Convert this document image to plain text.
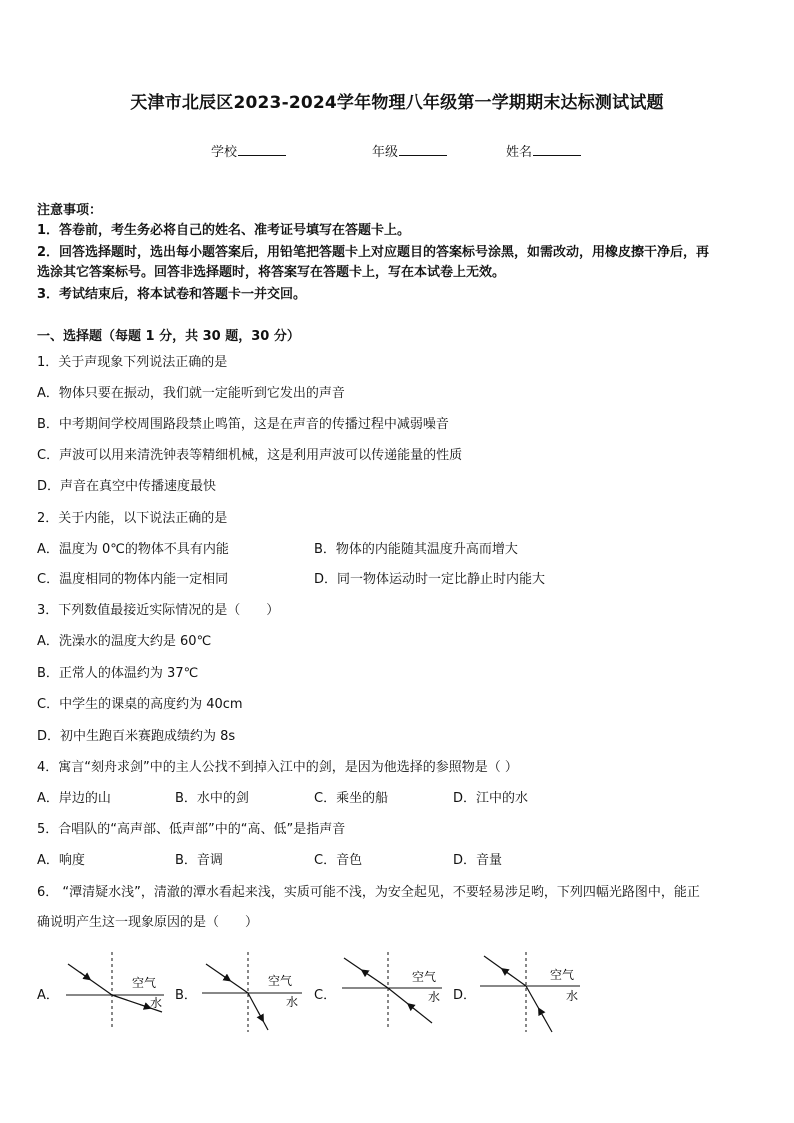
天津市北辰区2023-2024学年物理八年级第一学期期末达标测试试题
学校	年级	姓名
注意事项：
1．答卷前，考生务必将自己的姓名、准考证号填写在答题卡上。
2．回答选择题时，选出每小题答案后，用铅笔把答题卡上对应题目的答案标号涂黑，如需改动，用橡皮擦干净后，再
选涂其它答案标号。回答非选择题时，将答案写在答题卡上，写在本试卷上无效。
3．考试结束后，将本试卷和答题卡一并交回。
一、选择题（每题 1 分，共 30 题，30 分）
1．关于声现象下列说法正确的是
A．物体只要在振动，我们就一定能听到它发出的声音
B．中考期间学校周围路段禁止鸣笛，这是在声音的传播过程中减弱噪音
C．声波可以用来清洗钟表等精细机械，这是利用声波可以传递能量的性质
D．声音在真空中传播速度最快
2．关于内能，以下说法正确的是
A．温度为 0℃的物体不具有内能	B．物体的内能随其温度升高而增大
C．温度相同的物体内能一定相同	D．同一物体运动时一定比静止时内能大
3．下列数值最接近实际情况的是（　　）
A．洗澡水的温度大约是 60℃
B．正常人的体温约为 37℃
C．中学生的课桌的高度约为 40cm
D．初中生跑百米赛跑成绩约为 8s
4．寓言“刻舟求剑”中的主人公找不到掉入江中的剑，是因为他选择的参照物是（ ）
A．岸边的山	B．水中的剑	C．乘坐的船	D．江中的水
5．合唱队的“高声部、低声部”中的“高、低”是指声音
A．响度	B．音调	C．音色	D．音量
6． “潭清疑水浅”，清澈的潭水看起来浅，实质可能不浅，为安全起见，不要轻易涉足哟，下列四幅光路图中，能正
确说明产生这一现象原因的是（　　）
A．
空气
水 B．
空气
水 C．
空气
水 D．
空气
水
